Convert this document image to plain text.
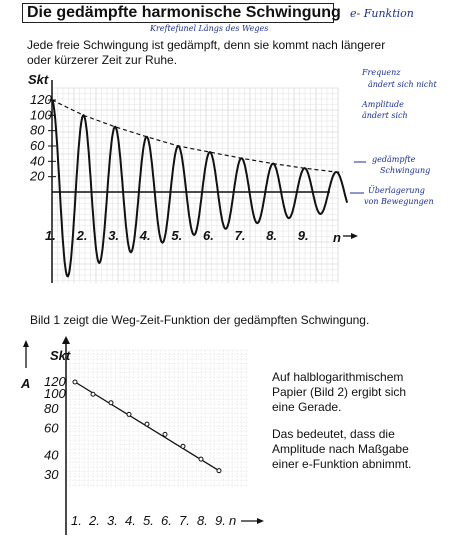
Die gedämpfte harmonische Schwingung e- Funktion
Kreftefunel Längs des Weges
Jede freie Schwingung ist gedämpft, denn sie kommt nach längerer
oder kürzerer Zeit zur Ruhe.
Skt
120
100
80
60
40
20
1. 2. 3. 4. 5. 6. 7. 8. 9. n
Frequenz
ändert sich nicht
Amplitude
ändert sich
gedämpfte
Schwingung
Überlagerung
von Bewegungen
Bild 1 zeigt die Weg-Zeit-Funktion der gedämpften Schwingung.
A
Skt
120
100
80
60
40
30
1. 2. 3. 4. 5. 6. 7. 8. 9. n
Auf halblogarithmischem
Papier (Bild 2) ergibt sich
eine Gerade.
Das bedeutet, dass die
Amplitude nach Maßgabe
einer e-Funktion abnimmt.
